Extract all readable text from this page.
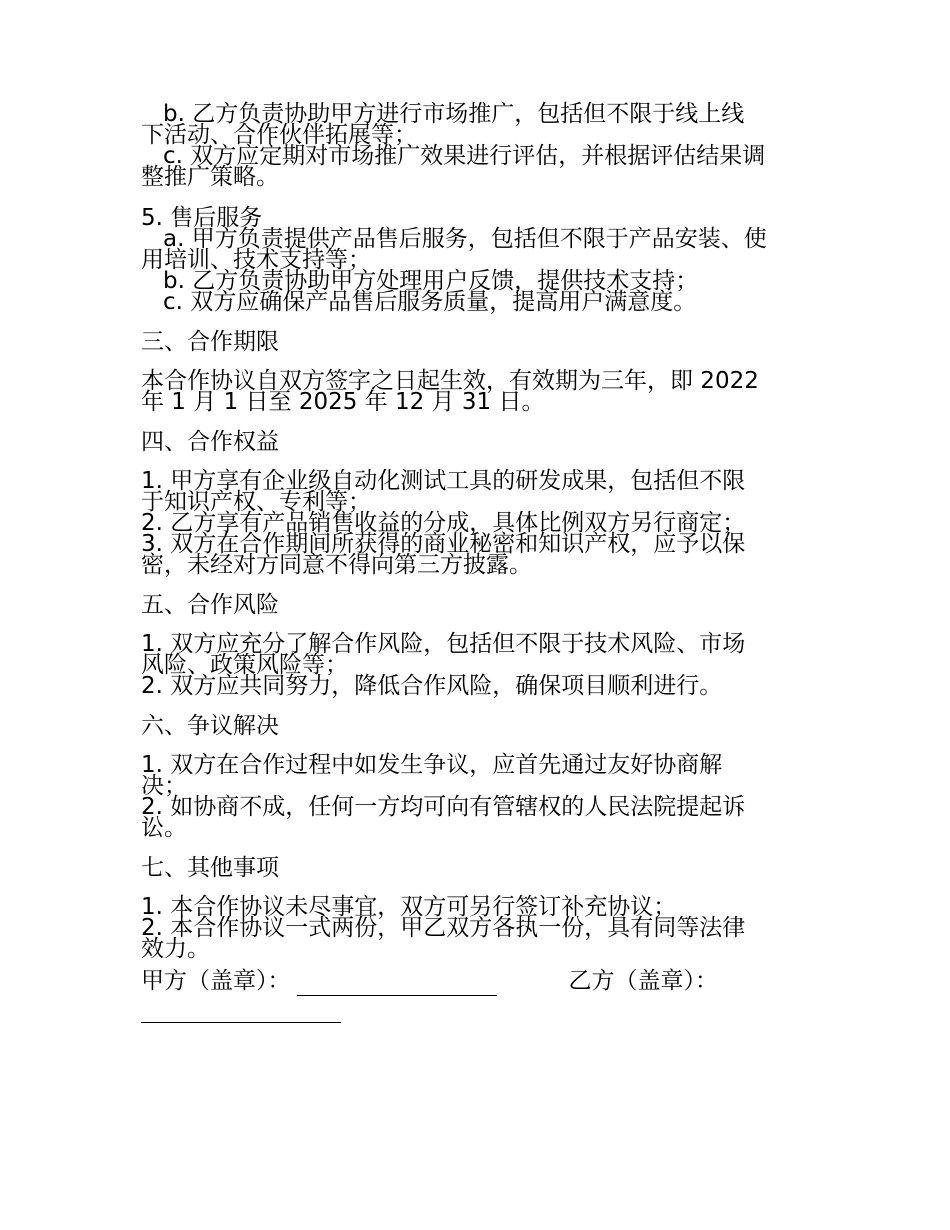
b. 乙方负责协助甲方进行市场推广，包括但不限于线上线
下活动、合作伙伴拓展等；
c. 双方应定期对市场推广效果进行评估，并根据评估结果调
整推广策略。
5. 售后服务
a. 甲方负责提供产品售后服务，包括但不限于产品安装、使
用培训、技术支持等；
b. 乙方负责协助甲方处理用户反馈，提供技术支持；
c. 双方应确保产品售后服务质量，提高用户满意度。
三、合作期限
本合作协议自双方签字之日起生效，有效期为三年，即 2022
年 1 月 1 日至 2025 年 12 月 31 日。
四、合作权益
1. 甲方享有企业级自动化测试工具的研发成果，包括但不限
于知识产权、专利等；
2. 乙方享有产品销售收益的分成，具体比例双方另行商定；
3. 双方在合作期间所获得的商业秘密和知识产权，应予以保
密，未经对方同意不得向第三方披露。
五、合作风险
1. 双方应充分了解合作风险，包括但不限于技术风险、市场
风险、政策风险等；
2. 双方应共同努力，降低合作风险，确保项目顺利进行。
六、争议解决
1. 双方在合作过程中如发生争议，应首先通过友好协商解
决；
2. 如协商不成，任何一方均可向有管辖权的人民法院提起诉
讼。
七、其他事项
1. 本合作协议未尽事宜，双方可另行签订补充协议；
2. 本合作协议一式两份，甲乙双方各执一份，具有同等法律
效力。
甲方（盖章）：	乙方（盖章）：
